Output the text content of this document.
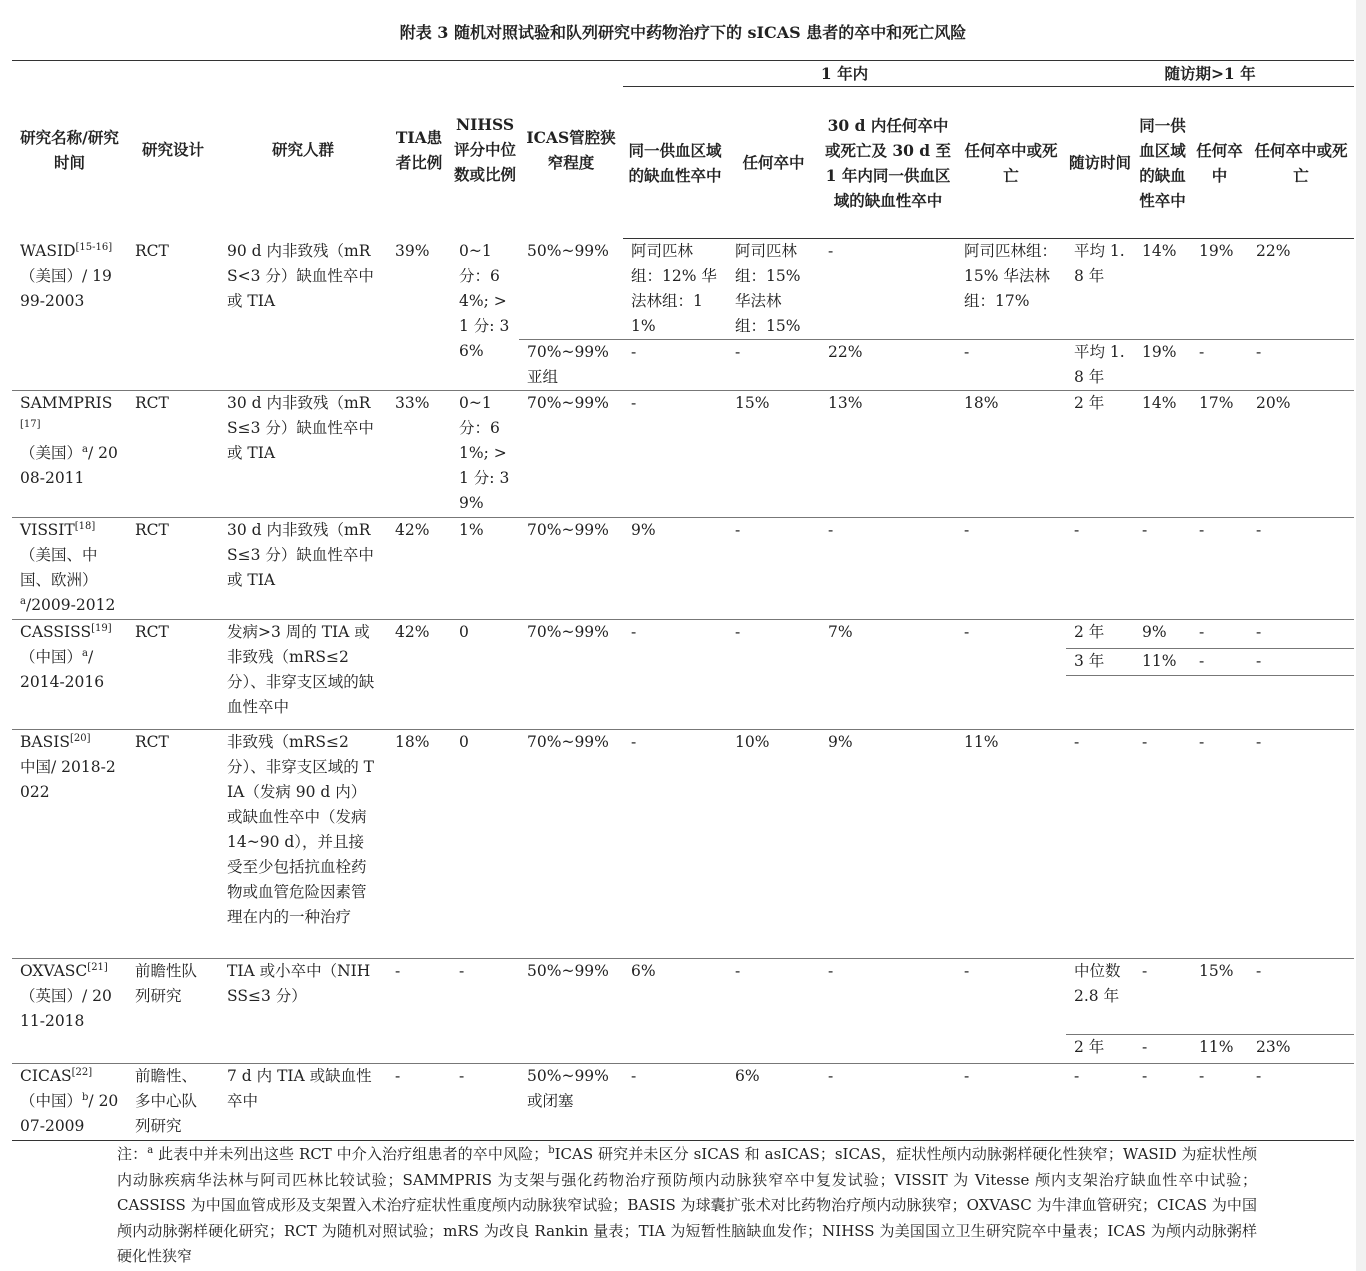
附表 3 随机对照试验和队列研究中药物治疗下的 sICAS 患者的卒中和死亡风险
研究名称/研究时间	研究设计	研究人群	TIA患者比例	NIHSS评分中位数或比例	ICAS管腔狭窄程度	1 年内				随访期>1 年			
						同一供血区域的缺血性卒中	任何卒中	30 d 内任何卒中或死亡及 30 d 至 1 年内同一供血区域的缺血性卒中	任何卒中或死亡	随访时间	同一供血区域的缺血性卒中	任何卒中	任何卒中或死亡
WASID[15-16]
（美国）/ 1999-2003	RCT	90 d 内非致残（mRS<3 分）缺血性卒中或 TIA	39%	0~1 分：64%; >1 分: 36%	50%~99%	阿司匹林组：12% 华法林组：11%	阿司匹林组：15% 华法林组：15%	-	阿司匹林组：15% 华法林组：17%	平均 1.8 年	14%	19%	22%
					70%~99% 亚组	-	-	22%	-	平均 1.8 年	19%	-	-
SAMMPRIS[17]
（美国）$^a$/ 2008-2011	RCT	30 d 内非致残（mRS≤3 分）缺血性卒中或 TIA	33%	0~1 分：61%; >1 分: 39%	70%~99%	-	15%	13%	18%	2 年	14%	17%	20%
VISSIT[18]
（美国、中国、欧洲）
$^a$/2009-2012	RCT	30 d 内非致残（mRS≤3 分）缺血性卒中或 TIA	42%	1%	70%~99%	9%	-	-	-	-	-	-	-
CASSISS[19]
（中国）$^a$/
2014-2016	RCT	发病>3 周的 TIA 或非致残（mRS≤2 分）、非穿支区域的缺血性卒中	42%	0	70%~99%	-	-	7%	-	2 年	9%	-	-
										3 年	11%	-	-

BASIS[20]
中国/ 2018-2022	RCT	非致残（mRS≤2 分）、非穿支区域的 TIA（发病 90 d 内）或缺血性卒中（发病 14~90 d），并且接受至少包括抗血栓药物或血管危险因素管理在内的一种治疗	18%	0	70%~99%	-	10%	9%	11%	-	-	-	-
OXVASC[21]
（英国）/ 2011-2018	前瞻性队列研究	TIA 或小卒中（NIHSS≤3 分）	-	-	50%~99%	6%	-	-	-	中位数 2.8 年	-	15%	-
										2 年	-	11%	23%
CICAS[22]
（中国）$^b$/ 2007-2009	前瞻性、多中心队列研究	7 d 内 TIA 或缺血性卒中	-	-	50%~99% 或闭塞	-	6%	-	-	-	-	-	-
注：$^a$ 此表中并未列出这些 RCT 中介入治疗组患者的卒中风险；$^b$ICAS 研究并未区分 sICAS 和 asICAS；sICAS，症状性颅内动脉粥样硬化性狭窄；WASID 为症状性颅内动脉疾病华法林与阿司匹林比较试验；SAMMPRIS 为支架与强化药物治疗预防颅内动脉狭窄卒中复发试验；VISSIT 为 Vitesse 颅内支架治疗缺血性卒中试验；CASSISS 为中国血管成形及支架置入术治疗症状性重度颅内动脉狭窄试验；BASIS 为球囊扩张术对比药物治疗颅内动脉狭窄；OXVASC 为牛津血管研究；CICAS 为中国颅内动脉粥样硬化研究；RCT 为随机对照试验；mRS 为改良 Rankin 量表；TIA 为短暂性脑缺血发作；NIHSS 为美国国立卫生研究院卒中量表；ICAS 为颅内动脉粥样硬化性狭窄
